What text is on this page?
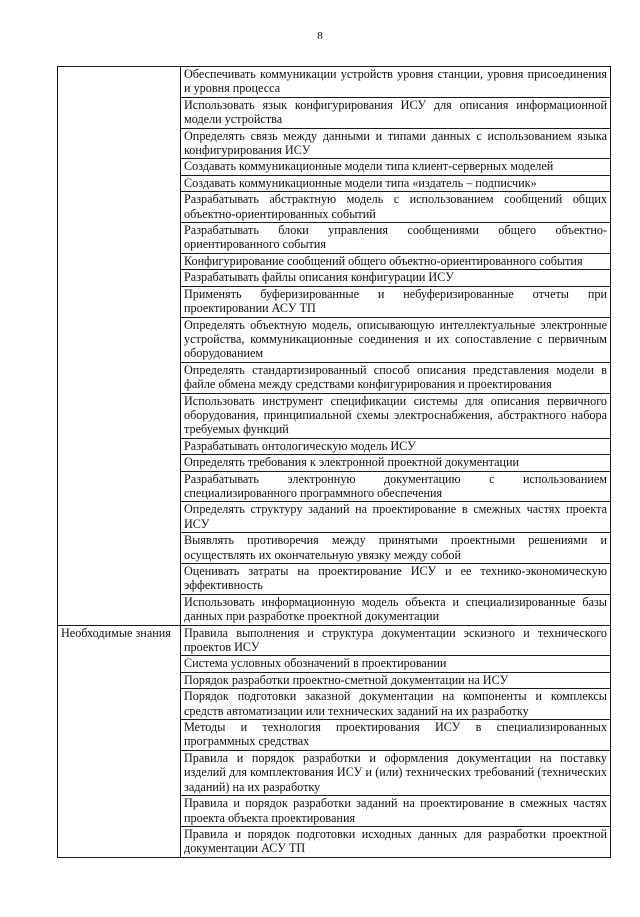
8
	Обеспечивать коммуникации устройств уровня станции, уровня присоединения и уровня процесса
	Использовать язык конфигурирования ИСУ для описания информационной модели устройства
	Определять связь между данными и типами данных с использованием языка конфигурирования ИСУ
	Создавать коммуникационные модели типа клиент-серверных моделей
	Создавать коммуникационные модели типа «издатель – подписчик»
	Разрабатывать абстрактную модель с использованием сообщений общих объектно-ориентированных событий
	Разрабатывать блоки управления сообщениями общего объектно-ориентированного события
	Конфигурирование сообщений общего объектно-ориентированного события
	Разрабатывать файлы описания конфигурации ИСУ
	Применять буферизированные и небуферизированные отчеты при проектировании АСУ ТП
	Определять объектную модель, описывающую интеллектуальные электронные устройства, коммуникационные соединения и их сопоставление с первичным оборудованием
	Определять стандартизированный способ описания представления модели в файле обмена между средствами конфигурирования и проектирования
	Использовать инструмент спецификации системы для описания первичного оборудования, принципиальной схемы электроснабжения, абстрактного набора требуемых функций
	Разрабатывать онтологическую модель ИСУ
	Определять требования к электронной проектной документации
	Разрабатывать электронную документацию с использованием специализированного программного обеспечения
	Определять структуру заданий на проектирование в смежных частях проекта ИСУ
	Выявлять противоречия между принятыми проектными решениями и осуществлять их окончательную увязку между собой
	Оценивать затраты на проектирование ИСУ и ее технико-экономическую эффективность
	Использовать информационную модель объекта и специализированные базы данных при разработке проектной документации

Необходимые знания	Правила выполнения и структура документации эскизного и технического проектов ИСУ
	Система условных обозначений в проектировании
	Порядок разработки проектно-сметной документации на ИСУ
	Порядок подготовки заказной документации на компоненты и комплексы средств автоматизации или технических заданий на их разработку
	Методы и технология проектирования ИСУ в специализированных программных средствах
	Правила и порядок разработки и оформления документации на поставку изделий для комплектования ИСУ и (или) технических требований (технических заданий) на их разработку
	Правила и порядок разработки заданий на проектирование в смежных частях проекта объекта проектирования
	Правила и порядок подготовки исходных данных для разработки проектной документации АСУ ТП
